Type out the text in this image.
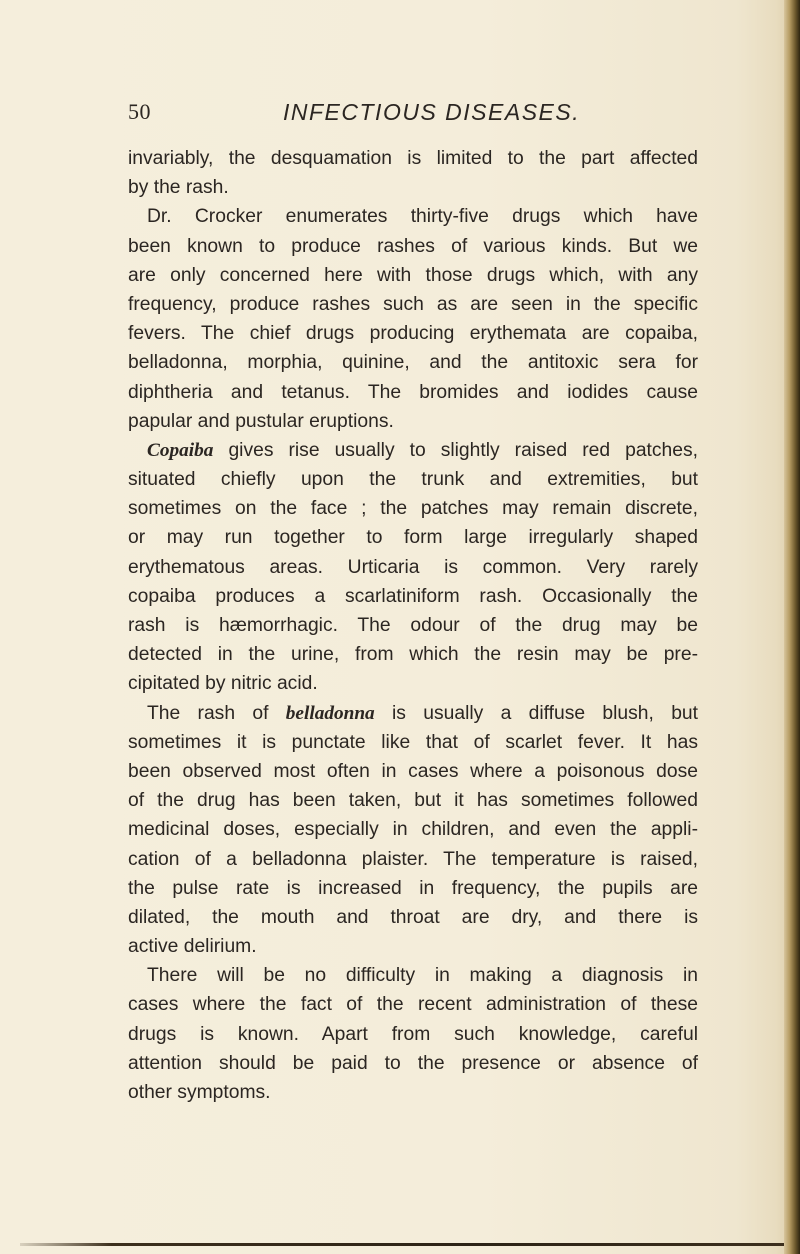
50	INFECTIOUS DISEASES.
invariably, the desquamation is limited to the part affected
by the rash.
Dr. Crocker enumerates thirty-five drugs which have
been known to produce rashes of various kinds. But we
are only concerned here with those drugs which, with any
frequency, produce rashes such as are seen in the specific
fevers. The chief drugs producing erythemata are copaiba,
belladonna, morphia, quinine, and the antitoxic sera for
diphtheria and tetanus. The bromides and iodides cause
papular and pustular eruptions.
Copaiba gives rise usually to slightly raised red patches,
situated chiefly upon the trunk and extremities, but
sometimes on the face ; the patches may remain discrete,
or may run together to form large irregularly shaped
erythematous areas. Urticaria is common. Very rarely
copaiba produces a scarlatiniform rash. Occasionally the
rash is hæmorrhagic. The odour of the drug may be
detected in the urine, from which the resin may be pre-
cipitated by nitric acid.
The rash of belladonna is usually a diffuse blush, but
sometimes it is punctate like that of scarlet fever. It has
been observed most often in cases where a poisonous dose
of the drug has been taken, but it has sometimes followed
medicinal doses, especially in children, and even the appli-
cation of a belladonna plaister. The temperature is raised,
the pulse rate is increased in frequency, the pupils are
dilated, the mouth and throat are dry, and there is
active delirium.
There will be no difficulty in making a diagnosis in
cases where the fact of the recent administration of these
drugs is known. Apart from such knowledge, careful
attention should be paid to the presence or absence of
other symptoms.
